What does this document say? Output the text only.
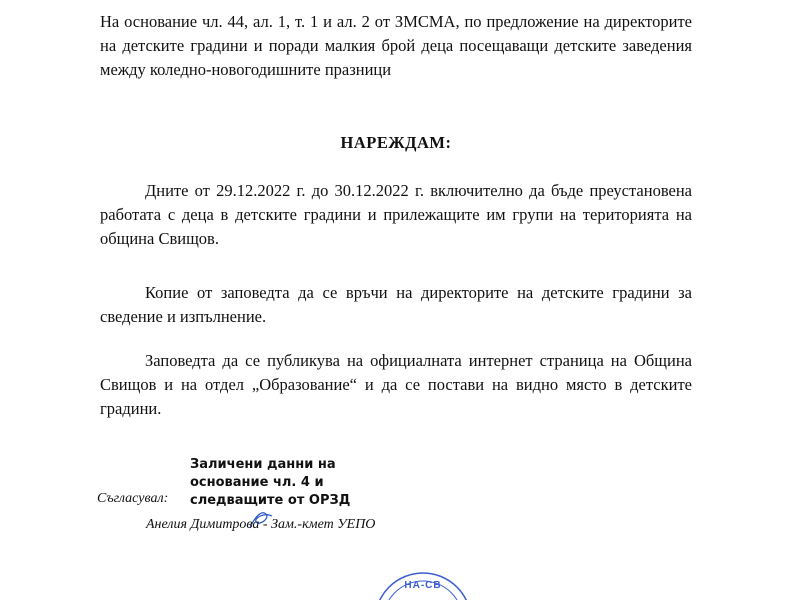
На основание чл. 44, ал. 1, т. 1 и ал. 2 от ЗМСМА, по предложение на директорите на детските градини и поради малкия брой деца посещаващи детските заведения между коледно-новогодишните празници

НАРЕЖДАМ:

Дните от 29.12.2022 г. до 30.12.2022 г. включително да бъде преустановена работата с деца в детските градини и прилежащите им групи на територията на община Свищов.

Копие от заповедта да се връчи на директорите на детските градини за сведение и изпълнение.

Заповедта да се публикува на официалната интернет страница на Община Свищов и на отдел „Образование“ и да се постави на видно място в детските градини.

Заличени данни на
основание чл. 4 и
следващите от ОРЗД

Съгласувал:

Анелия Димитрова - Зам.-кмет УЕПО

НА-СВ
